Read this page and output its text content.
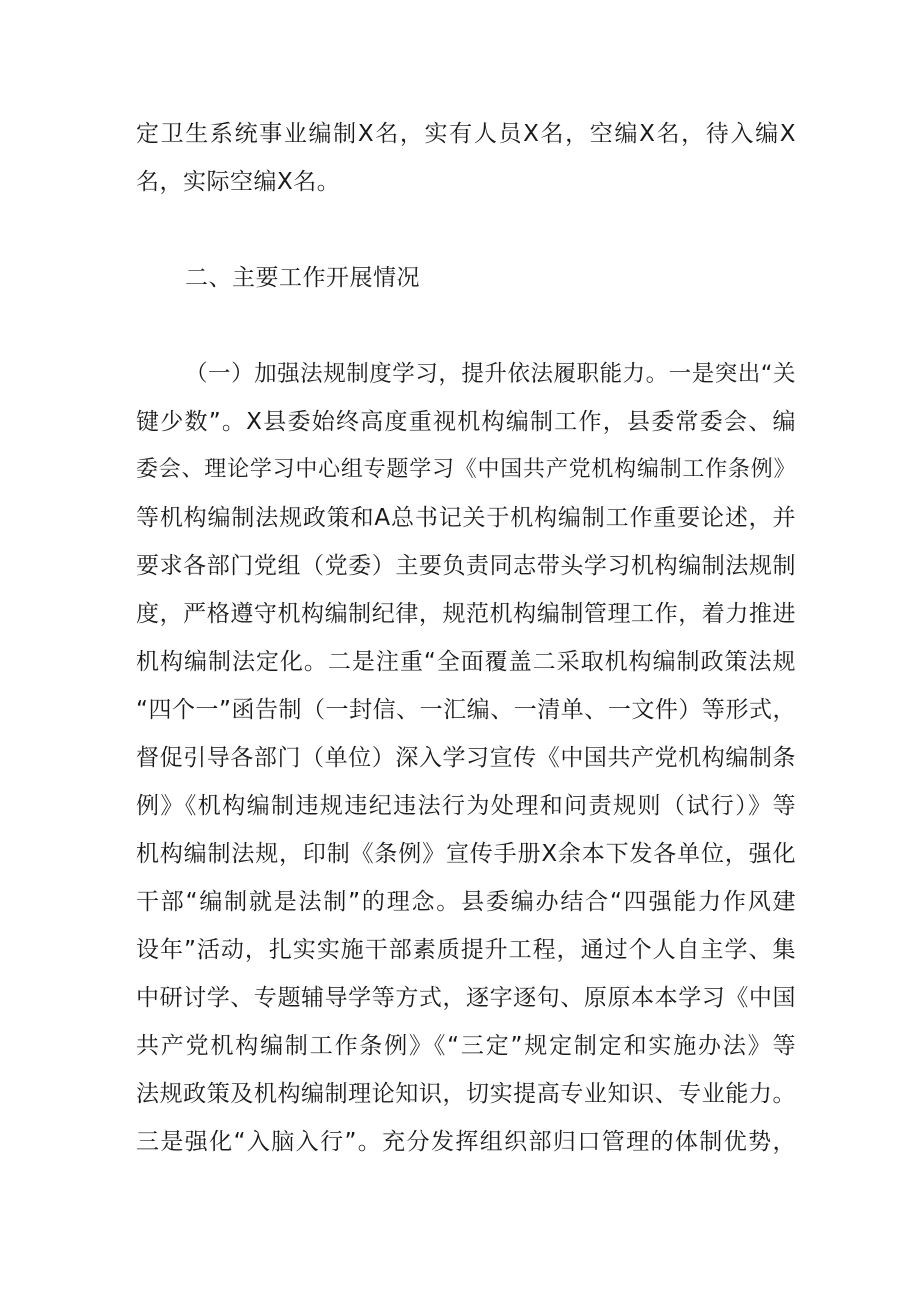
定卫生系统事业编制X名，实有人员X名，空编X名，待入编X
名，实际空编X名。
二、主要工作开展情况
（一）加强法规制度学习，提升依法履职能力。一是突出“关
键少数”。X县委始终高度重视机构编制工作，县委常委会、编
委会、理论学习中心组专题学习《中国共产党机构编制工作条例》
等机构编制法规政策和A总书记关于机构编制工作重要论述，并
要求各部门党组（党委）主要负责同志带头学习机构编制法规制
度，严格遵守机构编制纪律，规范机构编制管理工作，着力推进
机构编制法定化。二是注重“全面覆盖二采取机构编制政策法规
“四个一”函告制（一封信、一汇编、一清单、一文件）等形式，
督促引导各部门（单位）深入学习宣传《中国共产党机构编制条
例》《机构编制违规违纪违法行为处理和问责规则（试行）》等
机构编制法规，印制《条例》宣传手册X余本下发各单位，强化
干部“编制就是法制”的理念。县委编办结合“四强能力作风建
设年”活动，扎实实施干部素质提升工程，通过个人自主学、集
中研讨学、专题辅导学等方式，逐字逐句、原原本本学习《中国
共产党机构编制工作条例》《“三定”规定制定和实施办法》等
法规政策及机构编制理论知识，切实提高专业知识、专业能力。
三是强化“入脑入行”。充分发挥组织部归口管理的体制优势，
